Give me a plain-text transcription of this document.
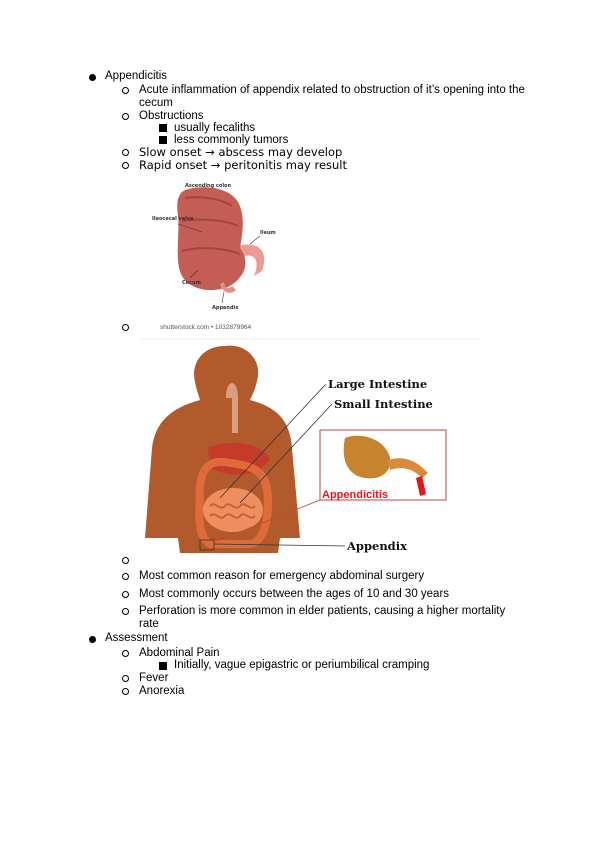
Appendicitis
Acute inflammation of appendix related to obstruction of it’s opening into the cecum
Obstructions
usually fecaliths
less commonly tumors
Slow onset → abscess may develop
Rapid onset → peritonitis may result
Ascending colon
Ileocecal valve
Ileum
Cecum
Appendix
shutterstock.com • 1032879964
Large Intestine
Small Intestine
Appendicitis
Appendix
Most common reason for emergency abdominal surgery
Most commonly occurs between the ages of 10 and 30 years
Perforation is more common in elder patients, causing a higher mortality rate
Assessment
Abdominal Pain
Initially, vague epigastric or periumbilical cramping
Fever
Anorexia
